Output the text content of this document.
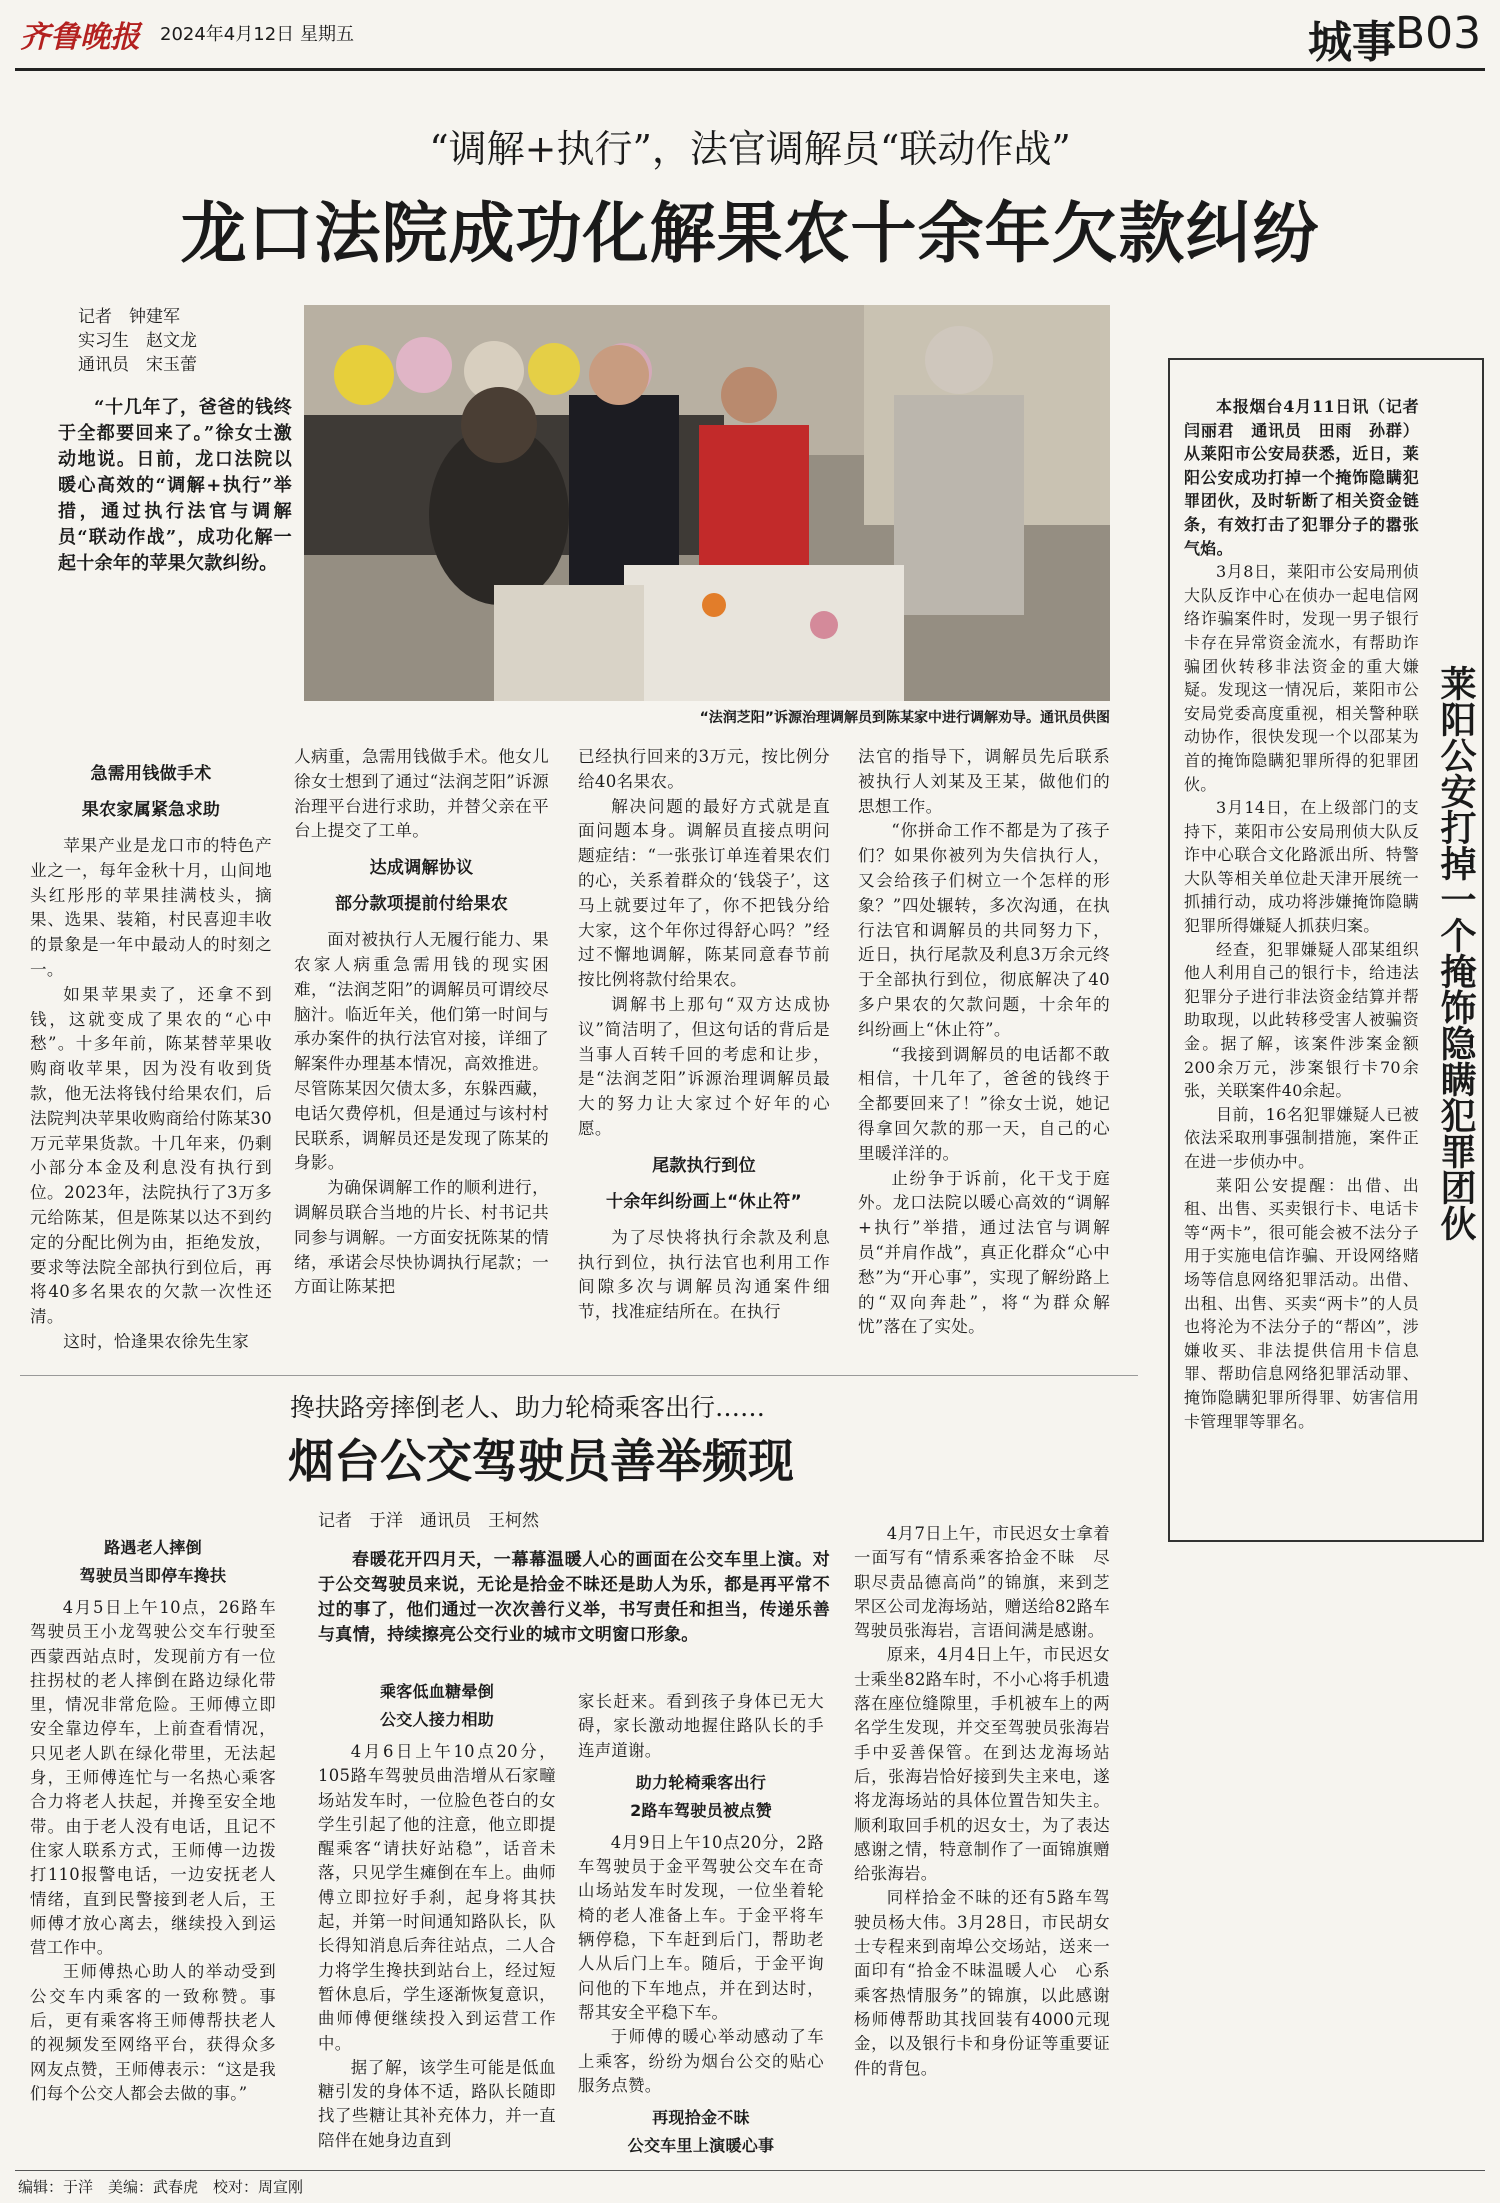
齐鲁晚报 2024年4月12日 星期五	城事 B03
“调解+执行”，法官调解员“联动作战”
龙口法院成功化解果农十余年欠款纠纷
记者　钟建军
实习生　赵文龙
通讯员　宋玉蕾
“十几年了，爸爸的钱终于全都要回来了。”徐女士激动地说。日前，龙口法院以暖心高效的“调解+执行”举措，通过执行法官与调解员“联动作战”，成功化解一起十余年的苹果欠款纠纷。
“法润芝阳”诉源治理调解员到陈某家中进行调解劝导。通讯员供图
急需用钱做手术
果农家属紧急求助

苹果产业是龙口市的特色产业之一，每年金秋十月，山间地头红彤彤的苹果挂满枝头，摘果、选果、装箱，村民喜迎丰收的景象是一年中最动人的时刻之一。

如果苹果卖了，还拿不到钱，这就变成了果农的“心中愁”。十多年前，陈某替苹果收购商收苹果，因为没有收到货款，他无法将钱付给果农们，后法院判决苹果收购商给付陈某30万元苹果货款。十几年来，仍剩小部分本金及利息没有执行到位。2023年，法院执行了3万多元给陈某，但是陈某以达不到约定的分配比例为由，拒绝发放，要求等法院全部执行到位后，再将40多名果农的欠款一次性还清。

这时，恰逢果农徐先生家

人病重，急需用钱做手术。他女儿徐女士想到了通过“法润芝阳”诉源治理平台进行求助，并替父亲在平台上提交了工单。

达成调解协议
部分款项提前付给果农

面对被执行人无履行能力、果农家人病重急需用钱的现实困难，“法润芝阳”的调解员可谓绞尽脑汁。临近年关，他们第一时间与承办案件的执行法官对接，详细了解案件办理基本情况，高效推进。尽管陈某因欠债太多，东躲西藏，电话欠费停机，但是通过与该村村民联系，调解员还是发现了陈某的身影。

为确保调解工作的顺利进行，调解员联合当地的片长、村书记共同参与调解。一方面安抚陈某的情绪，承诺会尽快协调执行尾款；一方面让陈某把

已经执行回来的3万元，按比例分给40名果农。

解决问题的最好方式就是直面问题本身。调解员直接点明问题症结：“一张张订单连着果农们的心，关系着群众的‘钱袋子’，这马上就要过年了，你不把钱分给大家，这个年你过得舒心吗？”经过不懈地调解，陈某同意春节前按比例将款付给果农。

调解书上那句“双方达成协议”简洁明了，但这句话的背后是当事人百转千回的考虑和让步，是“法润芝阳”诉源治理调解员最大的努力让大家过个好年的心愿。

尾款执行到位
十余年纠纷画上“休止符”

为了尽快将执行余款及利息执行到位，执行法官也利用工作间隙多次与调解员沟通案件细节，找准症结所在。在执行

法官的指导下，调解员先后联系被执行人刘某及王某，做他们的思想工作。

“你拼命工作不都是为了孩子们？如果你被列为失信执行人，又会给孩子们树立一个怎样的形象？”四处辗转，多次沟通，在执行法官和调解员的共同努力下，近日，执行尾款及利息3万余元终于全部执行到位，彻底解决了40多户果农的欠款问题，十余年的纠纷画上“休止符”。

“我接到调解员的电话都不敢相信，十几年了，爸爸的钱终于全都要回来了！”徐女士说，她记得拿回欠款的那一天，自己的心里暖洋洋的。

止纷争于诉前，化干戈于庭外。龙口法院以暖心高效的“调解+执行”举措，通过法官与调解员“并肩作战”，真正化群众“心中愁”为“开心事”，实现了解纷路上的“双向奔赴”，将“为群众解忧”落在了实处。

本报烟台4月11日讯（记者　闫丽君　通讯员　田雨　孙群）从莱阳市公安局获悉，近日，莱阳公安成功打掉一个掩饰隐瞒犯罪团伙，及时斩断了相关资金链条，有效打击了犯罪分子的嚣张气焰。

3月8日，莱阳市公安局刑侦大队反诈中心在侦办一起电信网络诈骗案件时，发现一男子银行卡存在异常资金流水，有帮助诈骗团伙转移非法资金的重大嫌疑。发现这一情况后，莱阳市公安局党委高度重视，相关警种联动协作，很快发现一个以邵某为首的掩饰隐瞒犯罪所得的犯罪团伙。

3月14日，在上级部门的支持下，莱阳市公安局刑侦大队反诈中心联合文化路派出所、特警大队等相关单位赴天津开展统一抓捕行动，成功将涉嫌掩饰隐瞒犯罪所得嫌疑人抓获归案。

经查，犯罪嫌疑人邵某组织他人利用自己的银行卡，给违法犯罪分子进行非法资金结算并帮助取现，以此转移受害人被骗资金。据了解，该案件涉案金额200余万元，涉案银行卡70余张，关联案件40余起。

目前，16名犯罪嫌疑人已被依法采取刑事强制措施，案件正在进一步侦办中。

莱阳公安提醒：出借、出租、出售、买卖银行卡、电话卡等“两卡”，很可能会被不法分子用于实施电信诈骗、开设网络赌场等信息网络犯罪活动。出借、出租、出售、买卖“两卡”的人员也将沦为不法分子的“帮凶”，涉嫌收买、非法提供信用卡信息罪、帮助信息网络犯罪活动罪、掩饰隐瞒犯罪所得罪、妨害信用卡管理罪等罪名。

莱阳公安打掉一个掩饰隐瞒犯罪团伙
搀扶路旁摔倒老人、助力轮椅乘客出行……
烟台公交驾驶员善举频现
记者　于洋　通讯员　王柯然
春暖花开四月天，一幕幕温暖人心的画面在公交车里上演。对于公交驾驶员来说，无论是拾金不昧还是助人为乐，都是再平常不过的事了，他们通过一次次善行义举，书写责任和担当，传递乐善与真情，持续擦亮公交行业的城市文明窗口形象。
路遇老人摔倒
驾驶员当即停车搀扶

4月5日上午10点，26路车驾驶员王小龙驾驶公交车行驶至西蒙西站点时，发现前方有一位拄拐杖的老人摔倒在路边绿化带里，情况非常危险。王师傅立即安全靠边停车，上前查看情况，只见老人趴在绿化带里，无法起身，王师傅连忙与一名热心乘客合力将老人扶起，并搀至安全地带。由于老人没有电话，且记不住家人联系方式，王师傅一边拨打110报警电话，一边安抚老人情绪，直到民警接到老人后，王师傅才放心离去，继续投入到运营工作中。

王师傅热心助人的举动受到公交车内乘客的一致称赞。事后，更有乘客将王师傅帮扶老人的视频发至网络平台，获得众多网友点赞，王师傅表示：“这是我们每个公交人都会去做的事。”

乘客低血糖晕倒
公交人接力相助

4月6日上午10点20分，105路车驾驶员曲浩增从石家疃场站发车时，一位脸色苍白的女学生引起了他的注意，他立即提醒乘客“请扶好站稳”，话音未落，只见学生瘫倒在车上。曲师傅立即拉好手刹，起身将其扶起，并第一时间通知路队长，队长得知消息后奔往站点，二人合力将学生搀扶到站台上，经过短暂休息后，学生逐渐恢复意识，曲师傅便继续投入到运营工作中。

据了解，该学生可能是低血糖引发的身体不适，路队长随即找了些糖让其补充体力，并一直陪伴在她身边直到

家长赶来。看到孩子身体已无大碍，家长激动地握住路队长的手连声道谢。

助力轮椅乘客出行
2路车驾驶员被点赞

4月9日上午10点20分，2路车驾驶员于金平驾驶公交车在奇山场站发车时发现，一位坐着轮椅的老人准备上车。于金平将车辆停稳，下车赶到后门，帮助老人从后门上车。随后，于金平询问他的下车地点，并在到达时，帮其安全平稳下车。

于师傅的暖心举动感动了车上乘客，纷纷为烟台公交的贴心服务点赞。

再现拾金不昧
公交车里上演暖心事

4月7日上午，市民迟女士拿着一面写有“情系乘客拾金不昧　尽职尽责品德高尚”的锦旗，来到芝罘区公司龙海场站，赠送给82路车驾驶员张海岩，言语间满是感谢。

原来，4月4日上午，市民迟女士乘坐82路车时，不小心将手机遗落在座位缝隙里，手机被车上的两名学生发现，并交至驾驶员张海岩手中妥善保管。在到达龙海场站后，张海岩恰好接到失主来电，遂将龙海场站的具体位置告知失主。顺利取回手机的迟女士，为了表达感谢之情，特意制作了一面锦旗赠给张海岩。

同样拾金不昧的还有5路车驾驶员杨大伟。3月28日，市民胡女士专程来到南埠公交场站，送来一面印有“拾金不昧温暖人心　心系乘客热情服务”的锦旗，以此感谢杨师傅帮助其找回装有4000元现金，以及银行卡和身份证等重要证件的背包。

编辑：于洋　美编：武春虎　校对：周宣刚
